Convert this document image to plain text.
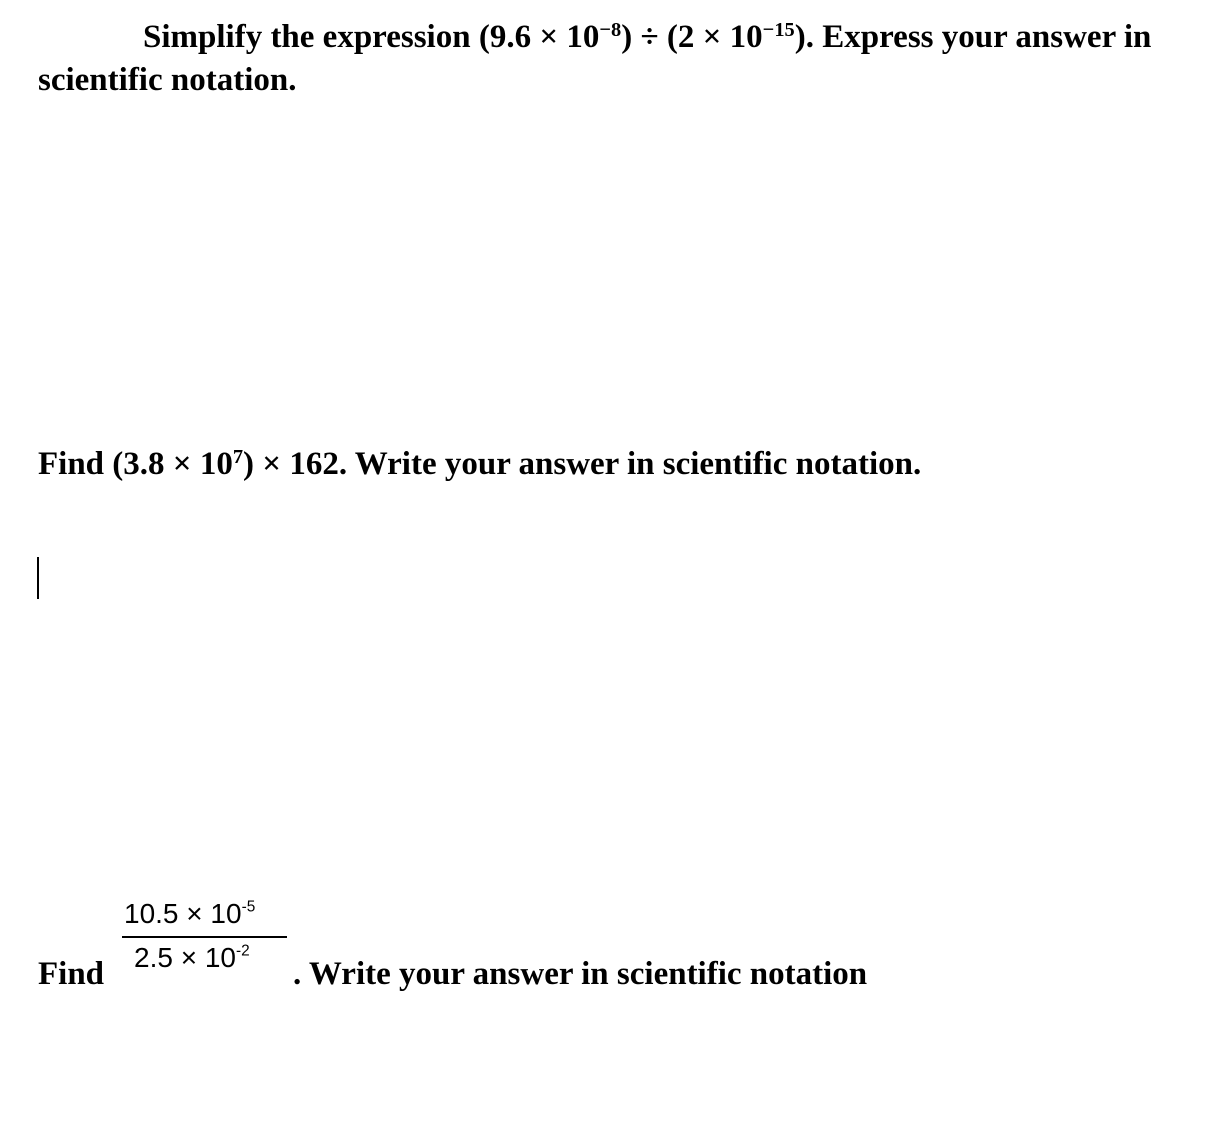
Simplify the expression $(9.6 \times 10^{-8}) \div (2 \times 10^{-15})$. Express your answer in
scientific notation.
Find $(3.8 \times 10^7) \times 162$. Write your answer in scientific notation.
Find
$10.5 \times 10^{-5}$
$2.5 \times 10^{-2}$
. Write your answer in scientific notation
